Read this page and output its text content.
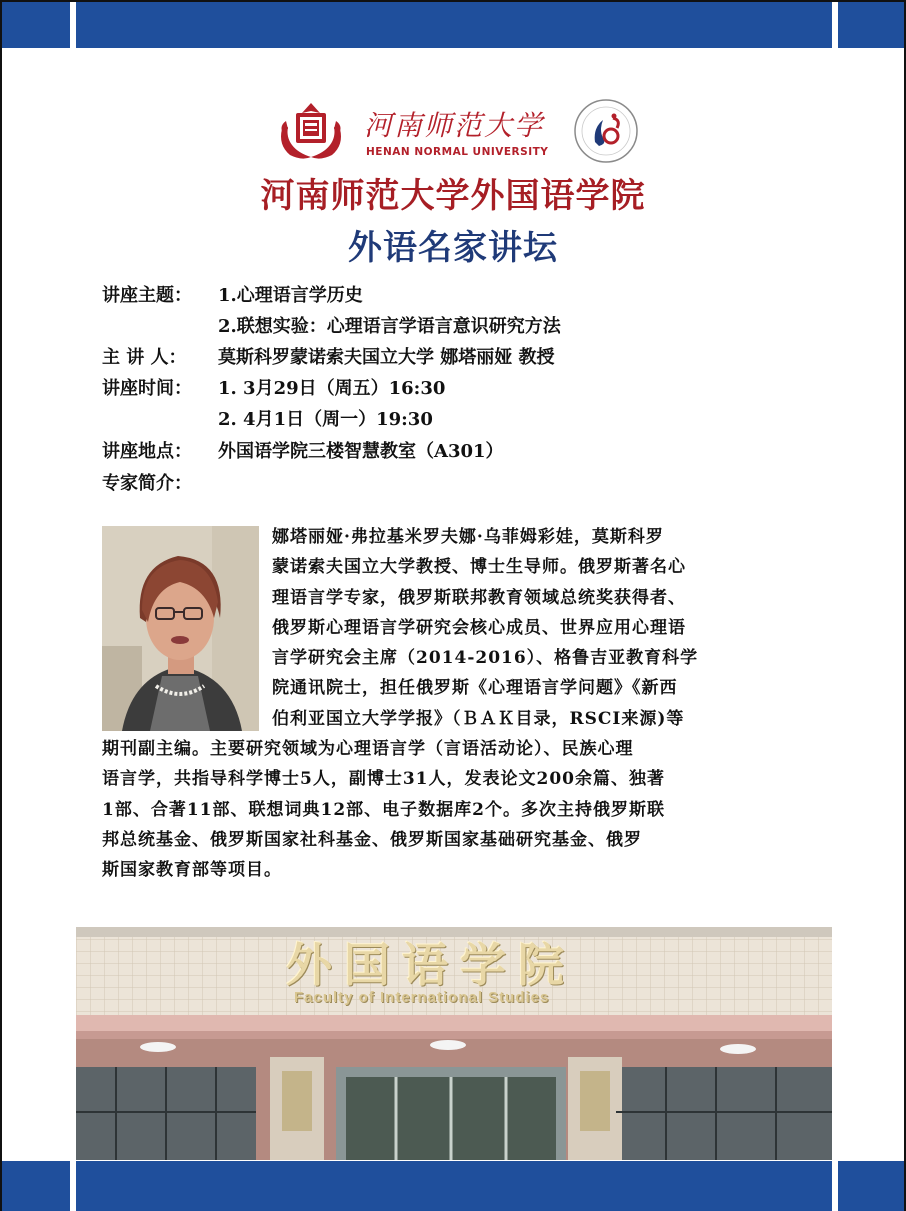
河南师范大学
HENAN NORMAL UNIVERSITY
河南师范大学外国语学院
外语名家讲坛
讲座主题： 1.心理语言学历史
2.联想实验：心理语言学语言意识研究方法
主 讲 人： 莫斯科罗蒙诺索夫国立大学 娜塔丽娅 教授
讲座时间： 1. 3月29日（周五）16:30
2. 4月1日（周一）19:30
讲座地点： 外国语学院三楼智慧教室（A301）
专家简介：
娜塔丽娅·弗拉基米罗夫娜·乌菲姆彩娃，莫斯科罗
蒙诺索夫国立大学教授、博士生导师。俄罗斯著名心
理语言学专家，俄罗斯联邦教育领域总统奖获得者、
俄罗斯心理语言学研究会核心成员、世界应用心理语
言学研究会主席（2014-2016）、格鲁吉亚教育科学
院通讯院士，担任俄罗斯《心理语言学问题》《新西
伯利亚国立大学学报》（ＢＡＫ目录，RSCI来源)等
期刊副主编。主要研究领域为心理语言学（言语活动论）、民族心理
语言学，共指导科学博士5人，副博士31人，发表论文200余篇、独著
1部、合著11部、联想词典12部、电子数据库2个。多次主持俄罗斯联
邦总统基金、俄罗斯国家社科基金、俄罗斯国家基础研究基金、俄罗
斯国家教育部等项目。
外国语学院
Faculty of International Studies
